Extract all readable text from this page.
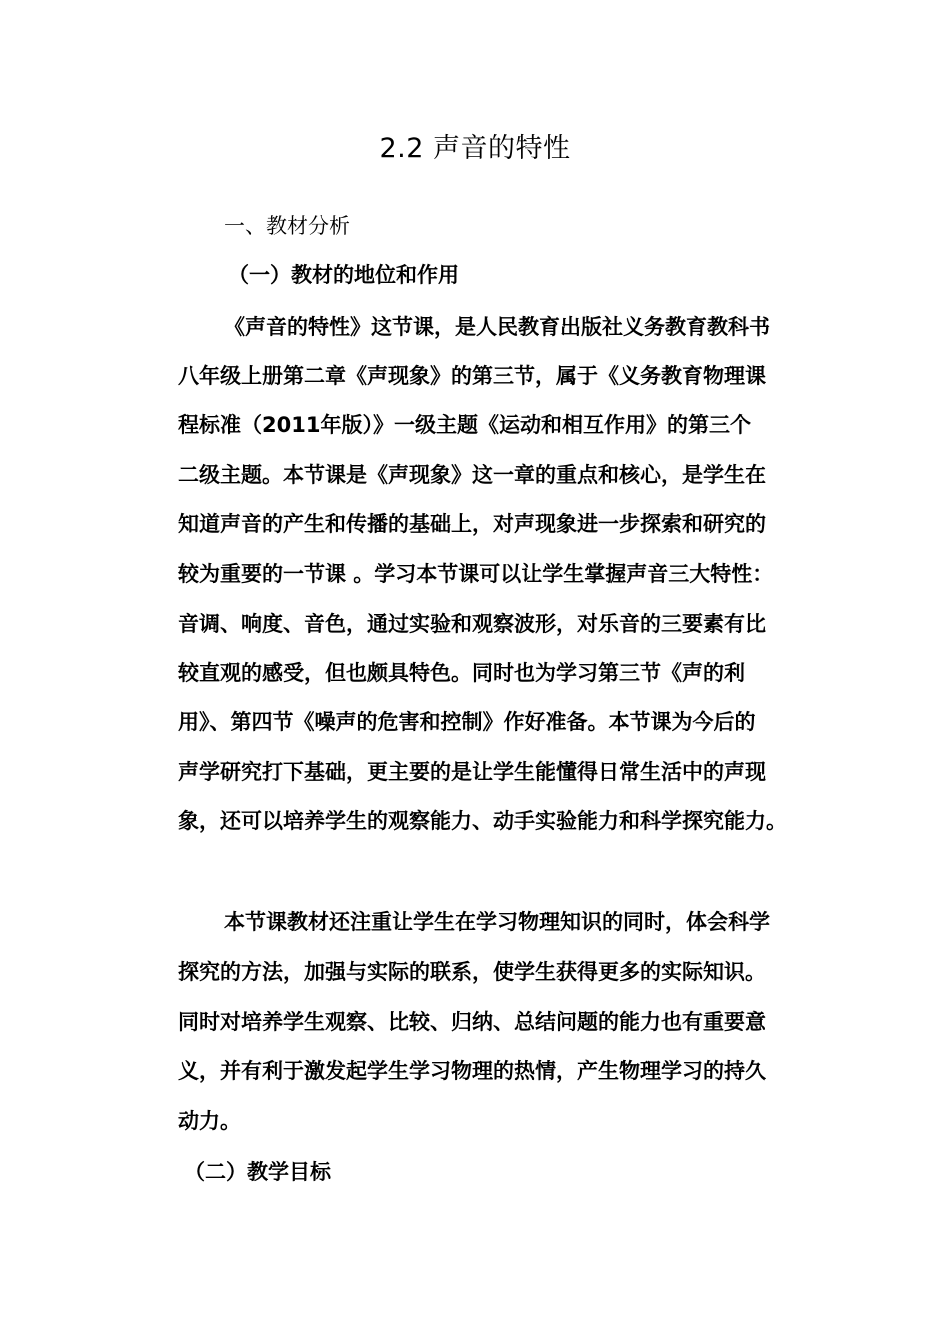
2.2 声音的特性
一、教材分析
（一）教材的地位和作用
《声音的特性》这节课，是人民教育出版社义务教育教科书
八年级上册第二章《声现象》的第三节，属于《义务教育物理课
程标准（2011年版）》一级主题《运动和相互作用》的第三个
二级主题。本节课是《声现象》这一章的重点和核心，是学生在
知道声音的产生和传播的基础上，对声现象进一步探索和研究的
较为重要的一节课 。学习本节课可以让学生掌握声音三大特性：
音调、响度、音色，通过实验和观察波形，对乐音的三要素有比
较直观的感受，但也颇具特色。同时也为学习第三节《声的利
用》、第四节《噪声的危害和控制》作好准备。本节课为今后的
声学研究打下基础，更主要的是让学生能懂得日常生活中的声现
象，还可以培养学生的观察能力、动手实验能力和科学探究能力。
本节课教材还注重让学生在学习物理知识的同时，体会科学
探究的方法，加强与实际的联系，使学生获得更多的实际知识。
同时对培养学生观察、比较、归纳、总结问题的能力也有重要意
义，并有利于激发起学生学习物理的热情，产生物理学习的持久
动力。
（二）教学目标
